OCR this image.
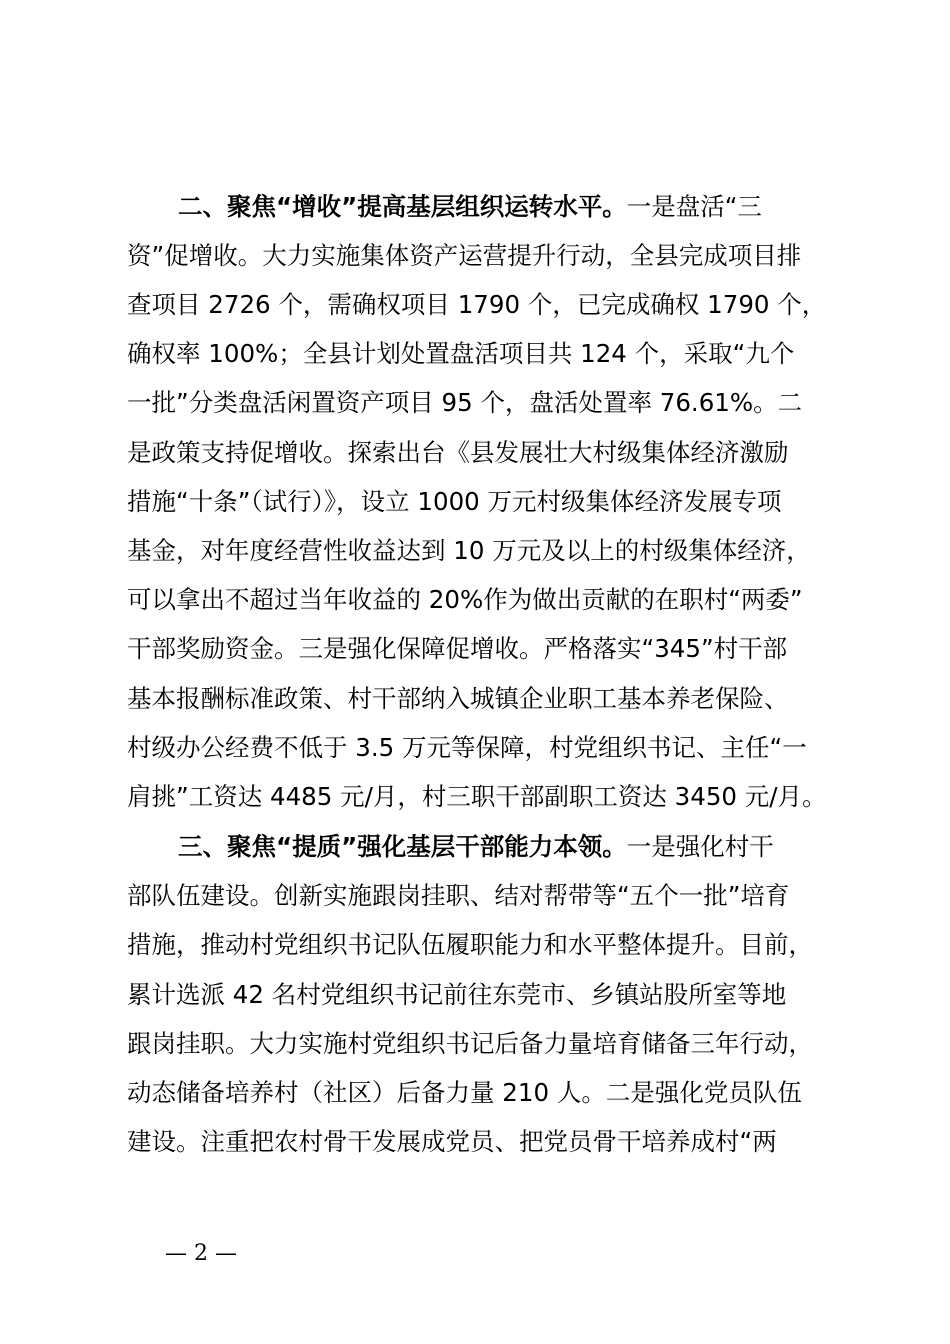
二、聚焦“增收”提高基层组织运转水平。一是盘活“三

资”促增收。大力实施集体资产运营提升行动，全县完成项目排

查项目 2726 个，需确权项目 1790 个，已完成确权 1790 个，

确权率 100%；全县计划处置盘活项目共 124 个，采取“九个

一批”分类盘活闲置资产项目 95 个，盘活处置率 76.61%。二

是政策支持促增收。探索出台《县发展壮大村级集体经济激励

措施“十条”（试行）》，设立 1000 万元村级集体经济发展专项

基金，对年度经营性收益达到 10 万元及以上的村级集体经济，

可以拿出不超过当年收益的 20%作为做出贡献的在职村“两委”

干部奖励资金。三是强化保障促增收。严格落实“345”村干部

基本报酬标准政策、村干部纳入城镇企业职工基本养老保险、

村级办公经费不低于 3.5 万元等保障，村党组织书记、主任“一

肩挑”工资达 4485 元/月，村三职干部副职工资达 3450 元/月。

三、聚焦“提质”强化基层干部能力本领。一是强化村干

部队伍建设。创新实施跟岗挂职、结对帮带等“五个一批”培育

措施，推动村党组织书记队伍履职能力和水平整体提升。目前，

累计选派 42 名村党组织书记前往东莞市、乡镇站股所室等地

跟岗挂职。大力实施村党组织书记后备力量培育储备三年行动，

动态储备培养村（社区）后备力量 210 人。二是强化党员队伍

建设。注重把农村骨干发展成党员、把党员骨干培养成村“两

— 2 —
